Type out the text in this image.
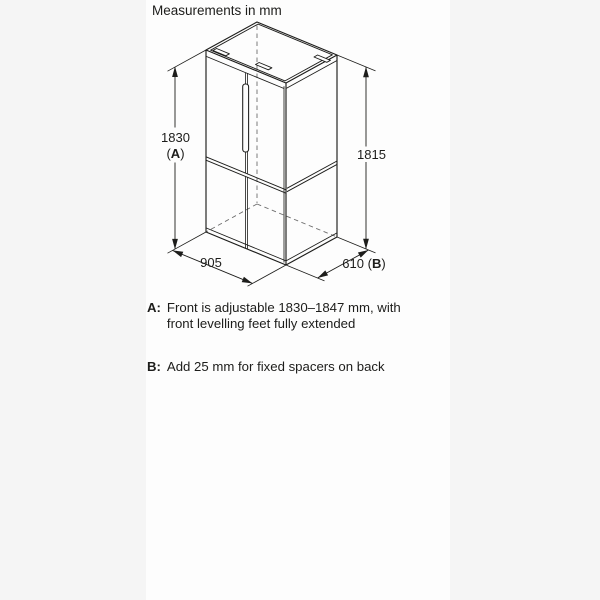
Measurements in mm
1830
(A)	1815
905	610 (B)
A: Front is adjustable 1830–1847 mm, with front levelling feet fully extended
B: Add 25 mm for fixed spacers on back
